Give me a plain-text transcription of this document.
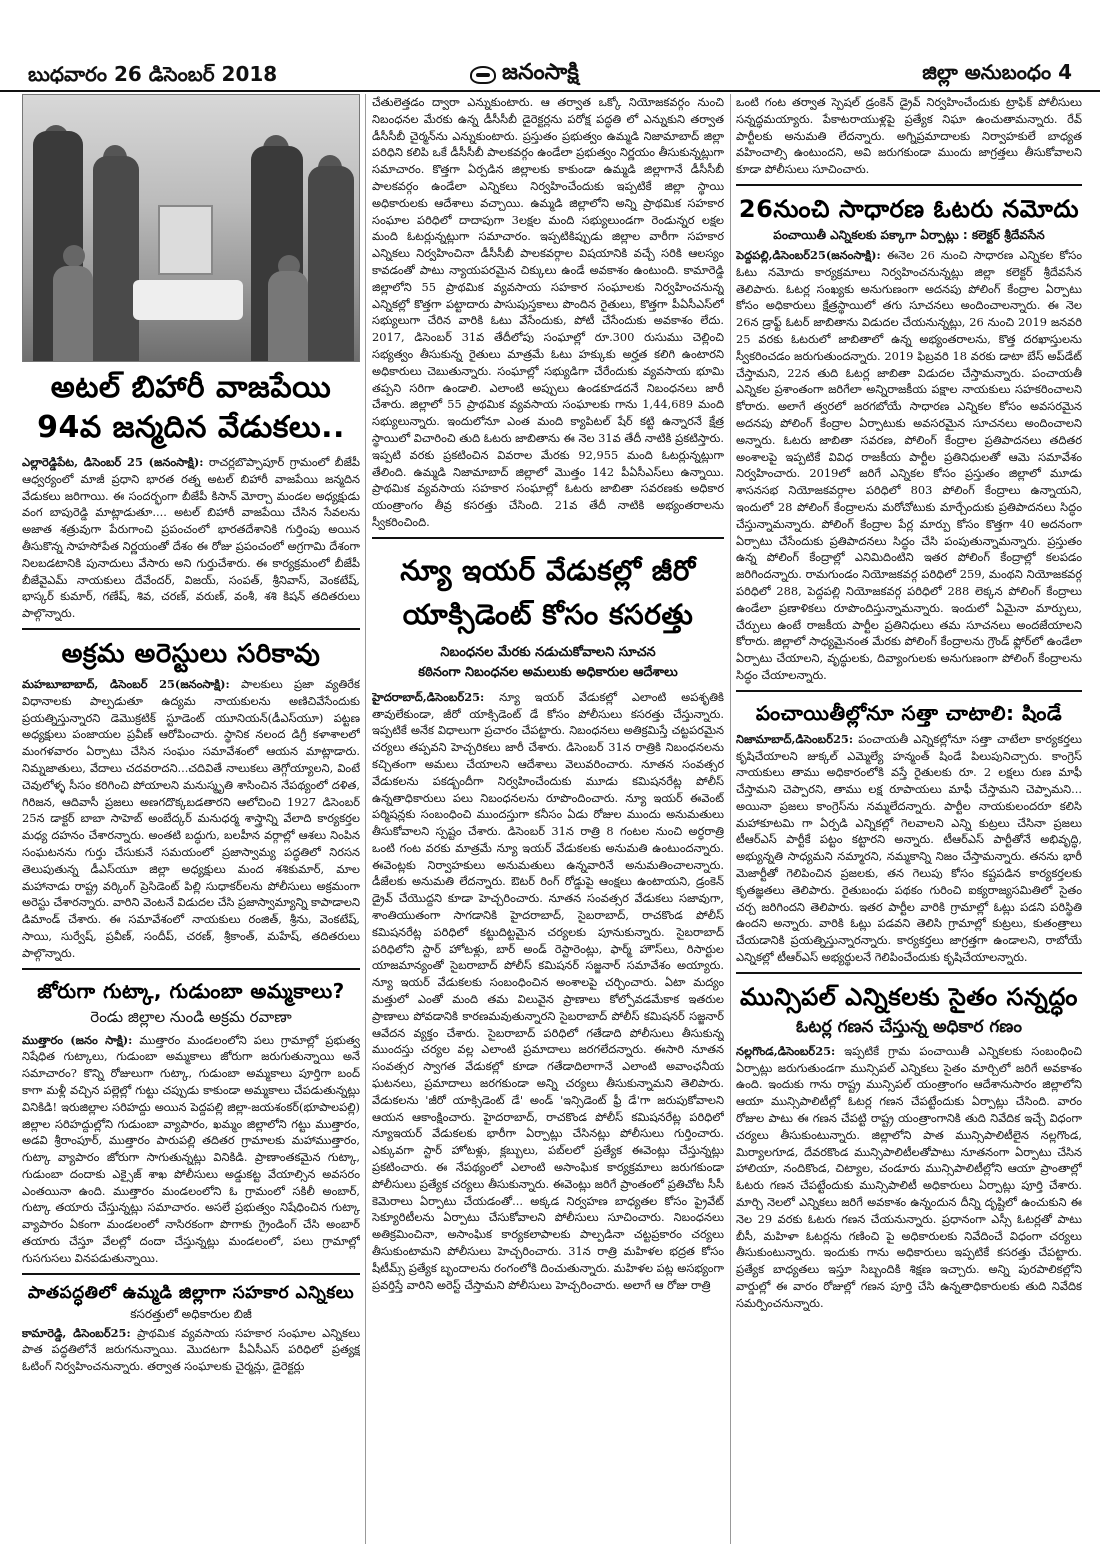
బుధవారం 26 డిసెంబర్ 2018	జనంసాక్షి	జిల్లా అనుబంధం 4
అటల్ బిహారీ వాజపేయి
94వ జన్మదిన వేడుకలు..

ఎల్లారెడ్డిపేట, డిసెంబర్ 25 (జనంసాక్షి): రాచర్లబొప్పాపూర్ గ్రామంలో బీజేపీ ఆధ్వర్యంలో మాజీ ప్రధాని భారత రత్న అటల్ బిహారీ వాజపేయి జన్మదిన వేడుకలు జరిగాయి. ఈ సందర్భంగా బీజేపీ కిసాన్ మోర్చా మండల అధ్యక్షుడు వంగ బాపురెడ్డి మాట్లాడుతూ.... అటల్ బిహారీ వాజపేయి చేసిన సేవలను అజాత శత్రువుగా పేరుగాంచి ప్రపంచంలో భారతదేశానికి గుర్తింపు అయిన తీసుకొన్న సాహసోపేత నిర్ణయంతో దేశం ఈ రోజు ప్రపంచంలో అగ్రగామి దేశంగా నిలబడటానికి పునాదులు వేసారు అని గుర్తుచేశారు. ఈ కార్యక్రమంలో బీజేపీ బీజేవైఎమ్ నాయకులు దేవేందర్, విజయ్, సంపత్, శ్రీనివాస్, వెంకటేష్, భాస్కర్ కుమార్, గణేష్, శివ, చరణ్, వరుణ్, వంశీ, శశి కిషన్ తదితరులు పాల్గొన్నారు.

అక్రమ అరెస్టులు సరికావు

మహబూబాబాద్, డిసెంబర్ 25(జనంసాక్షి): పాలకులు ప్రజా వ్యతిరేక విధానాలకు పాల్పడుతూ ఉద్యమ నాయకులను అణిచివేసేందుకు ప్రయత్నిస్తున్నారని డెమొక్రటిక్ స్టూడెంట్ యూనియన్(డీఎస్‌యూ) పట్టణ అధ్యక్షులు పంజాయల ప్రవీణ్ ఆరోపించారు. స్థానిక నలంద డిగ్రీ కళాశాలలో మంగళవారం ఏర్పాటు చేసిన సంఘం సమావేశంలో ఆయన మాట్లాడారు. నిమ్నజాతులు, వేదాలు చదవరాదని...చదివితే నాలుకలు తెగ్గోయ్యాలని, వింటే చెవులోళ్ళ సీసం కరిగించి పోయాలని మనుస్మృతి శాసించిన నేపథ్యంలో దళిత, గిరిజన, ఆదివాసీ ప్రజలు అణగదొక్కబడతారని ఆలోచించి 1927 డిసెంబర్ 25న డాక్టర్ బాబా సాహెబ్ అంబేద్కర్ మనుధర్మ శాస్త్రాన్ని వేలాది కార్యకర్తల మధ్య దహనం చేశారన్నారు. అంతటి బద్ధుగు, బలహీన వర్గాల్లో ఆశలు నింపిన సంఘటనను గుర్తు చేసుకునే సమయంలో ప్రజాస్వామ్య పద్ధతిలో నిరసన తెలుపుతున్న డీఎస్‌యూ జిల్లా అధ్యక్షులు మంద శశికుమార్, మాల మహానాడు రాష్ట్ర వర్కింగ్ ప్రెసిడెంట్ పిల్లి సుధాకర్‌లను పోలీసులు అక్రమంగా అరెస్టు చేశారన్నారు. వారిని వెంటనే విడుదల చేసి ప్రజాస్వామ్యాన్ని కాపాడాలని డిమాండ్ చేశారు. ఈ సమావేశంలో నాయకులు రంజిత్, శ్రీను, వెంకటేష్, సాయి, సుర్వేష్, ప్రవీణ్, సందీప్, చరణ్, శ్రీకాంత్, మహేష్, తదితరులు పాల్గొన్నారు.

జోరుగా గుట్కా, గుడుంబా అమ్మకాలు?
రెండు జిల్లాల నుండి అక్రమ రవాణా

ముత్తారం (జనం సాక్షి): ముత్తారం మండలంలోని పలు గ్రామాల్లో ప్రభుత్వ నిషేధిత గుట్కాలు, గుడుంబా అమ్మకాలు జోరుగా జరుగుతున్నాయి అనే సమాచారం? కొన్ని రోజులుగా గుట్కా, గుడుంబా అమ్మకాలు పూర్తిగా బంద్ కాగా మళ్లీ వచ్చిన పల్లెల్లో గుట్టు చప్పుడు కాకుండా అమ్మకాలు చేపడుతున్నట్లు వినికిడి! ఇరుజిల్లాల సరిహద్దు అయిన పెద్దపల్లి జిల్లా-జయశంకర్(భూపాలపల్లి) జిల్లాల సరిహద్దుల్లోని గుడుంబా వ్యాపారం, ఖమ్మం జిల్లాలోని గట్టు ముత్తారం, అడవి శ్రీరాంపూర్, ముత్తారం పారుపల్లి తదితర గ్రామాలకు మహాముత్తారం, గుట్కా వ్యాపారం జోరుగా సాగుతున్నట్లు వినికిడి. ప్రాణాంతకమైన గుట్కా, గుడుంబా దందాకు ఎక్సైజ్ శాఖ పోలీసులు అడ్డుకట్ట వేయాల్సిన అవసరం ఎంతయినా ఉంది. ముత్తారం మండలంలోని ఓ గ్రామంలో సకిలీ అంబార్, గుట్కా తయారు చేస్తున్నట్లు సమాచారం. అసలే ప్రభుత్వం నిషేధించిన గుట్కా వ్యాపారం ఏకంగా మండలంలో నాసిరకంగా పొగాకు గ్రైండింగ్ చేసి అంబార్ తయారు చేస్తూ వేలల్లో దందా చేస్తున్నట్లు మండలంలో, పలు గ్రామాల్లో గుసగుసలు వినపడుతున్నాయి.

పాతపద్ధతిలో ఉమ్మడి జిల్లాగా సహకార ఎన్నికలు
కసరత్తులో అధికారుల బిజీ

కామారెడ్డి, డిసెంబర్25: ప్రాథమిక వ్యవసాయ సహకార సంఘాల ఎన్నికలు పాత పద్ధతిలోనే జరుగనున్నాయి. మొదటగా పీఏసీఎస్ పరిధిలో ప్రత్యక్ష ఓటింగ్ నిర్వహించనున్నారు. తర్వాత సంఘాలకు చైర్మన్లు, డైరెక్టర్లు

చేతులెత్తడం ద్వారా ఎన్నుకుంటారు. ఆ తర్వాత ఒక్కో నియోజకవర్గం నుంచి నిబంధనల మేరకు ఉన్న డీసీసీబీ డైరెక్టర్లను పరోక్ష పద్ధతి లో ఎన్నుకుని తర్వాత డీసీసీబీ చైర్మన్‌ను ఎన్నుకుంటారు. ప్రస్తుతం ప్రభుత్వం ఉమ్మడి నిజామాబాద్ జిల్లా పరిధిని కలిపి ఒకే డీసీసీబీ పాలకవర్గం ఉండేలా ప్రభుత్వం నిర్ణయం తీసుకున్నట్లుగా సమాచారం. కొత్తగా ఏర్పడిన జిల్లాలకు కాకుండా ఉమ్మడి జిల్లాగానే డీసీసీబీ పాలకవర్గం ఉండేలా ఎన్నికలు నిర్వహించేందుకు ఇప్పటికే జిల్లా స్థాయి అధికారులకు ఆదేశాలు వచ్చాయి. ఉమ్మడి జిల్లాలోని అన్ని ప్రాథమిక సహకార సంఘాల పరిధిలో దాదాపుగా 3లక్షల మంది సభ్యులుండగా రెండున్నర లక్షల మంది ఓటర్లున్నట్లుగా సమాచారం. ఇప్పటికిప్పుడు జిల్లాల వారీగా సహకార ఎన్నికలు నిర్వహించినా డీసీసీబీ పాలకవర్గాల విషయానికి వచ్చే సరికి ఆలస్యం కావడంతో పాటు న్యాయపరమైన చిక్కులు ఉండే అవకాశం ఉంటుంది. కామారెడ్డి జిల్లాలోని 55 ప్రాథమిక వ్యవసాయ సహకార సంఘాలకు నిర్వహించనున్న ఎన్నికల్లో కొత్తగా పట్టాదారు పాసుపుస్తకాలు పొందిన రైతులు, కొత్తగా పీఏసీఎస్‌లో సభ్యులుగా చేరిన వారికి ఓటు వేసేందుకు, పోటీ చేసేందుకు అవకాశం లేదు. 2017, డిసెంబర్ 31వ తేదీలోపు సంఘాల్లో రూ.300 రుసుము చెల్లించి సభ్యత్వం తీసుకున్న రైతులు మాత్రమే ఓటు హక్కుకు అర్హత కలిగి ఉంటారని అధికారులు చెబుతున్నారు. సంఘాల్లో సభ్యుడిగా చేరేందుకు వ్యవసాయ భూమి తప్పని సరిగా ఉండాలి. ఎలాంటి అప్పులు ఉండకూడదనే నిబంధనలు జారీ చేశారు. జిల్లాలో 55 ప్రాథమిక వ్యవసాయ సంఘాలకు గాను 1,44,689 మంది సభ్యులున్నారు. ఇందులోనూ ఎంత మంది క్యాపిటల్ షేర్ కట్టి ఉన్నారనే క్షేత్ర స్థాయిలో విచారించి తుది ఓటరు జాబితాను ఈ నెల 31వ తేదీ నాటికి ప్రకటిస్తారు. ఇప్పటి వరకు ప్రకటించిన వివరాల మేరకు 92,955 మంది ఓటర్లున్నట్లుగా తేలింది. ఉమ్మడి నిజామాబాద్ జిల్లాలో మొత్తం 142 పీఏసీఎస్‌లు ఉన్నాయి. ప్రాథమిక వ్యవసాయ సహకార సంఘాల్లో ఓటరు జాబితా సవరణకు అధికార యంత్రాంగం తీవ్ర కసరత్తు చేసింది. 21వ తేదీ నాటికి అభ్యంతరాలను స్వీకరించింది.

న్యూ ఇయర్ వేడుకల్లో జీరో
యాక్సిడెంట్ కోసం కసరత్తు
నిబంధనల మేరకు నడుచుకోవాలని సూచన
కఠినంగా నిబంధనల అమలుకు అధికారుల ఆదేశాలు

హైదరాబాద్,డిసెంబర్25: న్యూ ఇయర్ వేడుకల్లో ఎలాంటి అపశృతికి తావులేకుండా, జీరో యాక్సిడెంట్ డే కోసం పోలీసులు కసరత్తు చేస్తున్నారు. ఇప్పటికే అనేక విధాలుగా ప్రచారం చేపట్టారు. నిబంధనలు అతిక్రమిస్తే చట్టపరమైన చర్యలు తప్పవని హెచ్చరికలు జారీ చేశారు. డిసెంబర్ 31న రాత్రికి నిబంధనలను కచ్చితంగా అమలు చేయాలని ఆదేశాలు వెలువరించారు. నూతన సంవత్సర వేడుకలను పకడ్బందీగా నిర్వహించేందుకు మూడు కమిషనరేట్ల పోలీస్ ఉన్నతాధికారులు పలు నిబంధనలను రూపొందించారు. న్యూ ఇయర్ ఈవెంట్ పర్మిషన్లకు సంబంధించి ముందస్తుగా కనీసం ఏడు రోజుల ముందు అనుమతులు తీసుకోవాలని స్పష్టం చేశారు. డిసెంబర్ 31న రాత్రి 8 గంటల నుంచి అర్ధరాత్రి ఒంటి గంట వరకు మాత్రమే న్యూ ఇయర్ వేడుకలకు అనుమతి ఉంటుందన్నారు. ఈవెంట్లకు నిర్వాహకులు అనుమతులు ఉన్నవారినే అనుమతించాలన్నారు. డీజేలకు అనుమతి లేదన్నారు. ఔటర్ రింగ్ రోడ్డుపై ఆంక్షలు ఉంటాయని, డ్రంకెన్ డ్రైవ్ చేయొద్దని కూడా హెచ్చరించారు. నూతన సంవత్సర వేడుకలు సజావుగా, శాంతియుతంగా సాగడానికి హైదరాబాద్, సైబరాబాద్, రాచకొండ పోలీస్ కమిషనరేట్ల పరిధిలో కట్టుదిట్టమైన చర్యలకు పూనుకున్నారు. సైబరాబాద్ పరిధిలోని స్టార్ హోటళ్లు, బార్ అండ్ రెస్టారెంట్లు, ఫార్మ్ హౌస్‌లు, రిసార్టుల యాజమాన్యంతో సైబరాబాద్ పోలీస్ కమిషనర్ సజ్జనార్ సమావేశం అయ్యారు. న్యూ ఇయర్ వేడుకలకు సంబంధించిన అంశాలపై చర్చించారు. ఏటా మద్యం మత్తులో ఎంతో మంది తమ విలువైన ప్రాణాలు కోల్పోవడమేకాక ఇతరుల ప్రాణాలు పోవడానికి కారణమవుతున్నారని సైబరాబాద్ పోలీస్ కమిషనర్ సజ్జనార్ ఆవేదన వ్యక్తం చేశారు. సైబరాబాద్ పరిధిలో గతేడాది పోలీసులు తీసుకున్న ముందస్తు చర్యల వల్ల ఎలాంటి ప్రమాదాలు జరగలేదన్నారు. ఈసారి నూతన సంవత్సర స్వాగత వేడుకల్లో కూడా గతేడాదిలాగానే ఎలాంటి అవాంఛనీయ ఘటనలు, ప్రమాదాలు జరగకుండా అన్ని చర్యలు తీసుకున్నామని తెలిపారు. వేడుకలను 'జీరో యాక్సిడెంట్ డే' అండ్ 'ఇన్సిడెంట్ ఫ్రీ డే'గా జరుపుకోవాలని ఆయన ఆకాంక్షించారు. హైదరాబాద్, రాచకొండ పోలీస్ కమిషనరేట్ల పరిధిలో న్యూఇయర్ వేడుకలకు భారీగా ఏర్పాట్లు చేసినట్లు పోలీసులు గుర్తించారు. ఎక్కువగా స్టార్ హోటళ్లు, క్లబ్బులు, పబ్‌లలో ప్రత్యేక ఈవెంట్లు చేస్తున్నట్లు ప్రకటించారు. ఈ నేపథ్యంలో ఎలాంటి అసాంఘిక కార్యక్రమాలు జరుగకుండా పోలీసులు ప్రత్యేక చర్యలు తీసుకున్నారు. ఈవెంట్లు జరిగే ప్రాంతంలో ప్రతిచోట సీసీ కెమెరాలు ఏర్పాటు చేయడంతో... అక్కడ నిర్వహణ బాధ్యతల కోసం ప్రైవేట్ సెక్యూరిటీలను ఏర్పాటు చేసుకోవాలని పోలీసులు సూచించారు. నిబంధనలు అతిక్రమించినా, అసాంఘిక కార్యకలాపాలకు పాల్పడినా చట్టప్రకారం చర్యలు తీసుకుంటామని పోలీసులు హెచ్చరించారు. 31న రాత్రి మహిళల భద్రత కోసం షీటీమ్స్ ప్రత్యేక బృందాలను రంగంలోకి దించుతున్నారు. మహిళల పట్ల అసభ్యంగా ప్రవర్తిస్తే వారిని అరెస్ట్ చేస్తామని పోలీసులు హెచ్చరించారు. అలాగే ఆ రోజు రాత్రి

ఒంటి గంట తర్వాత స్పెషల్ డ్రంకెన్ డ్రైవ్ నిర్వహించేందుకు ట్రాఫిక్ పోలీసులు సన్నద్ధమయ్యారు. పేకాటరాయుళ్లపై ప్రత్యేక నిఘా ఉంచుతామన్నారు. రేవ్ పార్టీలకు అనుమతి లేదన్నారు. అగ్నిప్రమాదాలకు నిర్వాహకులే బాధ్యత వహించాల్సి ఉంటుందని, అవి జరుగకుండా ముందు జాగ్రత్తలు తీసుకోవాలని కూడా పోలీసులు సూచించారు.

26నుంచి సాధారణ ఓటరు నమోదు
పంచాయితీ ఎన్నికలకు పక్కాగా ఏర్పాట్లు : కలెక్టర్ శ్రీదేవసేన

పెద్దపల్లి,డిసెంబర్25(జనంసాక్షి): ఈనెల 26 నుంచి సాధారణ ఎన్నికల కోసం ఓటు నమోదు కార్యక్రమాలు నిర్వహించనున్నట్లు జిల్లా కలెక్టర్ శ్రీదేవసేన తెలిపారు. ఓటర్ల సంఖ్యకు అనుగుణంగా అదనపు పోలింగ్ కేంద్రాల ఏర్పాటు కోసం అధికారులు క్షేత్రస్థాయిలో తగు సూచనలు అందించాలన్నారు. ఈ నెల 26న డ్రాఫ్ట్ ఓటర్ జాబితాను విడుదల చేయనున్నట్లు, 26 నుంచి 2019 జనవరి 25 వరకు ఓటరులో జాబితాలో ఉన్న అభ్యంతరాలను, కొత్త దరఖాస్తులను స్వీకరించడం జరుగుతుందన్నారు. 2019 ఫిబ్రవరి 18 వరకు డాటా బేస్ అప్‌డేట్ చేస్తామని, 22న తుది ఓటర్ల జాబితా విడుదల చేస్తామన్నారు. పంచాయతీ ఎన్నికల ప్రశాంతంగా జరిగేలా అన్నిరాజకీయ పక్షాల నాయకులు సహకరించాలని కోరారు. అలాగే త్వరలో జరగబోయే సాధారణ ఎన్నికల కోసం అవసరమైన అదనపు పోలింగ్ కేంద్రాల ఏర్పాటుకు అవసరమైన సూచనలు అందించాలని అన్నారు. ఓటరు జాబితా సవరణ, పోలింగ్ కేంద్రాల ప్రతిపాదనలు తదితర అంశాలపై ఇప్పటికే వివిధ రాజకీయ పార్టీల ప్రతినిధులతో ఆమె సమావేశం నిర్వహించారు. 2019లో జరిగే ఎన్నికల కోసం ప్రస్తుతం జిల్లాలో మూడు శాసనసభ నియోజకవర్గాల పరిధిలో 803 పోలింగ్ కేంద్రాలు ఉన్నాయని, ఇందులో 28 పోలింగ్ కేంద్రాలను మరోచోటుకు మార్చేందుకు ప్రతిపాదనలు సిద్ధం చేస్తున్నామన్నారు. పోలింగ్ కేంద్రాల పేర్ల మార్పు కోసం కొత్తగా 40 అదనంగా ఏర్పాటు చేసేందుకు ప్రతిపాదనలు సిద్ధం చేసి పంపుతున్నామన్నారు. ప్రస్తుతం ఉన్న పోలింగ్ కేంద్రాల్లో ఎనిమిదింటిని ఇతర పోలింగ్ కేంద్రాల్లో కలపడం జరిగిందన్నారు. రామగుండం నియోజకవర్గ పరిధిలో 259, మంథని నియోజకవర్గ పరిధిలో 288, పెద్దపల్లి నియోజకవర్గ పరిధిలో 288 లెక్కన పోలింగ్ కేంద్రాలు ఉండేలా ప్రణాళికలు రూపొందిస్తున్నామన్నారు. ఇందులో ఏమైనా మార్పులు, చేర్పులు ఉంటే రాజకీయ పార్టీల ప్రతినిధులు తమ సూచనలు అందజేయాలని కోరారు. జిల్లాలో సాధ్యమైనంత మేరకు పోలింగ్ కేంద్రాలను గ్రౌండ్ ఫ్లోర్‌లో ఉండేలా ఏర్పాటు చేయాలని, వృద్ధులకు, దివ్యాంగులకు అనుగుణంగా పోలింగ్ కేంద్రాలను సిద్ధం చేయాలన్నారు.

పంచాయితీల్లోనూ సత్తా చాటాలి: షిండే

నిజామాబాద్,డిసెంబర్25: పంచాయతీ ఎన్నికల్లోనూ సత్తా చాటేలా కార్యకర్తలు కృషిచేయాలని జుక్కల్ ఎమ్మెల్యే హన్మంత్ షిండే పిలుపునిచ్చారు. కాంగ్రెస్ నాయకులు తాము అధికారంలోకి వస్తే రైతులకు రూ. 2 లక్షలు రుణ మాఫీ చేస్తామని చెప్పారని, తాము లక్ష రూపాయలు మాఫీ చేస్తామని చెప్పామని... అయినా ప్రజలు కాంగ్రెస్‌ను నమ్మలేదన్నారు. పార్టీల నాయకులందరూ కలిసి మహాకూటమి గా ఏర్పడి ఎన్నికల్లో గెలవాలని ఎన్ని కుట్రలు చేసినా ప్రజలు టీఆర్‌ఎస్ పార్టీకే పట్టం కట్టారని అన్నారు. టీఆర్‌ఎస్ పార్టీతోనే అభివృద్ధి, అభ్యున్నతి సాధ్యమని నమ్మారని, నమ్మకాన్ని నిజం చేస్తామన్నారు. తనను భారీ మెజార్టీతో గెలిపించిన ప్రజలకు, తన గెలుపు కోసం కష్టపడిన కార్యకర్తలకు కృతజ్ఞతలు తెలిపారు. రైతుబంధు పథకం గురించి ఐక్యరాజ్యసమితిలో సైతం చర్చ జరిగిందని తెలిపారు. ఇతర పార్టీల వారికి గ్రామాల్లో ఓట్లు పడని పరిస్థితి ఉందని అన్నారు. వారికి ఓట్లు పడవని తెలిసి గ్రామాల్లో కుట్రలు, కుతంత్రాలు చేయడానికి ప్రయత్నిస్తున్నారన్నారు. కార్యకర్తలు జాగ్రత్తగా ఉండాలని, రాబోయే ఎన్నికల్లో టీఆర్‌ఎస్ అభ్యర్థులనే గెలిపించేందుకు కృషిచేయాలన్నారు.

మున్సిపల్ ఎన్నికలకు సైతం సన్నద్ధం
ఓటర్ల గణన చేస్తున్న అధికార గణం

నల్లగొండ,డిసెంబర్25: ఇప్పటికే గ్రామ పంచాయితీ ఎన్నికలకు సంబంధించి ఏర్పాట్లు జరుగుతుండగా మున్సిపల్ ఎన్నికలు సైతం మార్చిలో జరిగే అవకాశం ఉంది. ఇందుకు గాను రాష్ట్ర మున్సిపల్ యంత్రాంగం ఆదేశానుసారం జిల్లాలోని ఆయా మున్సిపాలిటీల్లో ఓటర్ల గణన చేపట్టేందుకు ఏర్పాట్లు చేసింది. వారం రోజుల పాటు ఈ గణన చేపట్టి రాష్ట్ర యంత్రాంగానికి తుది నివేదిక ఇచ్చే విధంగా చర్యలు తీసుకుంటున్నారు. జిల్లాలోని పాత మున్సిపాలిటీలైన నల్లగొండ, మిర్యాలగూడ, దేవరకొండ మున్సిపాలిటీలతోపాటు నూతనంగా ఏర్పాటు చేసిన హాలియా, నందికొండ, చిట్యాల, చండూరు మున్సిపాలిటీల్లోని ఆయా ప్రాంతాల్లో ఓటరు గణన చేపట్టేందుకు మున్సిపాలిటీ అధికారులు ఏర్పాట్లు పూర్తి చేశారు. మార్చి నెలలో ఎన్నికలు జరిగే అవకాశం ఉన్నందున దీన్ని దృష్టిలో ఉంచుకుని ఈ నెల 29 వరకు ఓటరు గణన చేయనున్నారు. ప్రధానంగా ఎస్సీ ఓటర్లతో పాటు బీసీ, మహిళా ఓటర్లను గణించి పై అధికారులకు నివేదించే విధంగా చర్యలు తీసుకుంటున్నారు. ఇందుకు గాను అధికారులు ఇప్పటికే కసరత్తు చేపట్టారు. ప్రత్యేక బాధ్యతలు ఇస్తూ సిబ్బందికి శిక్షణ ఇచ్చారు. అన్ని పురపాలికల్లోని వార్డుల్లో ఈ వారం రోజుల్లో గణన పూర్తి చేసి ఉన్నతాధికారులకు తుది నివేదిక సమర్పించనున్నారు.
